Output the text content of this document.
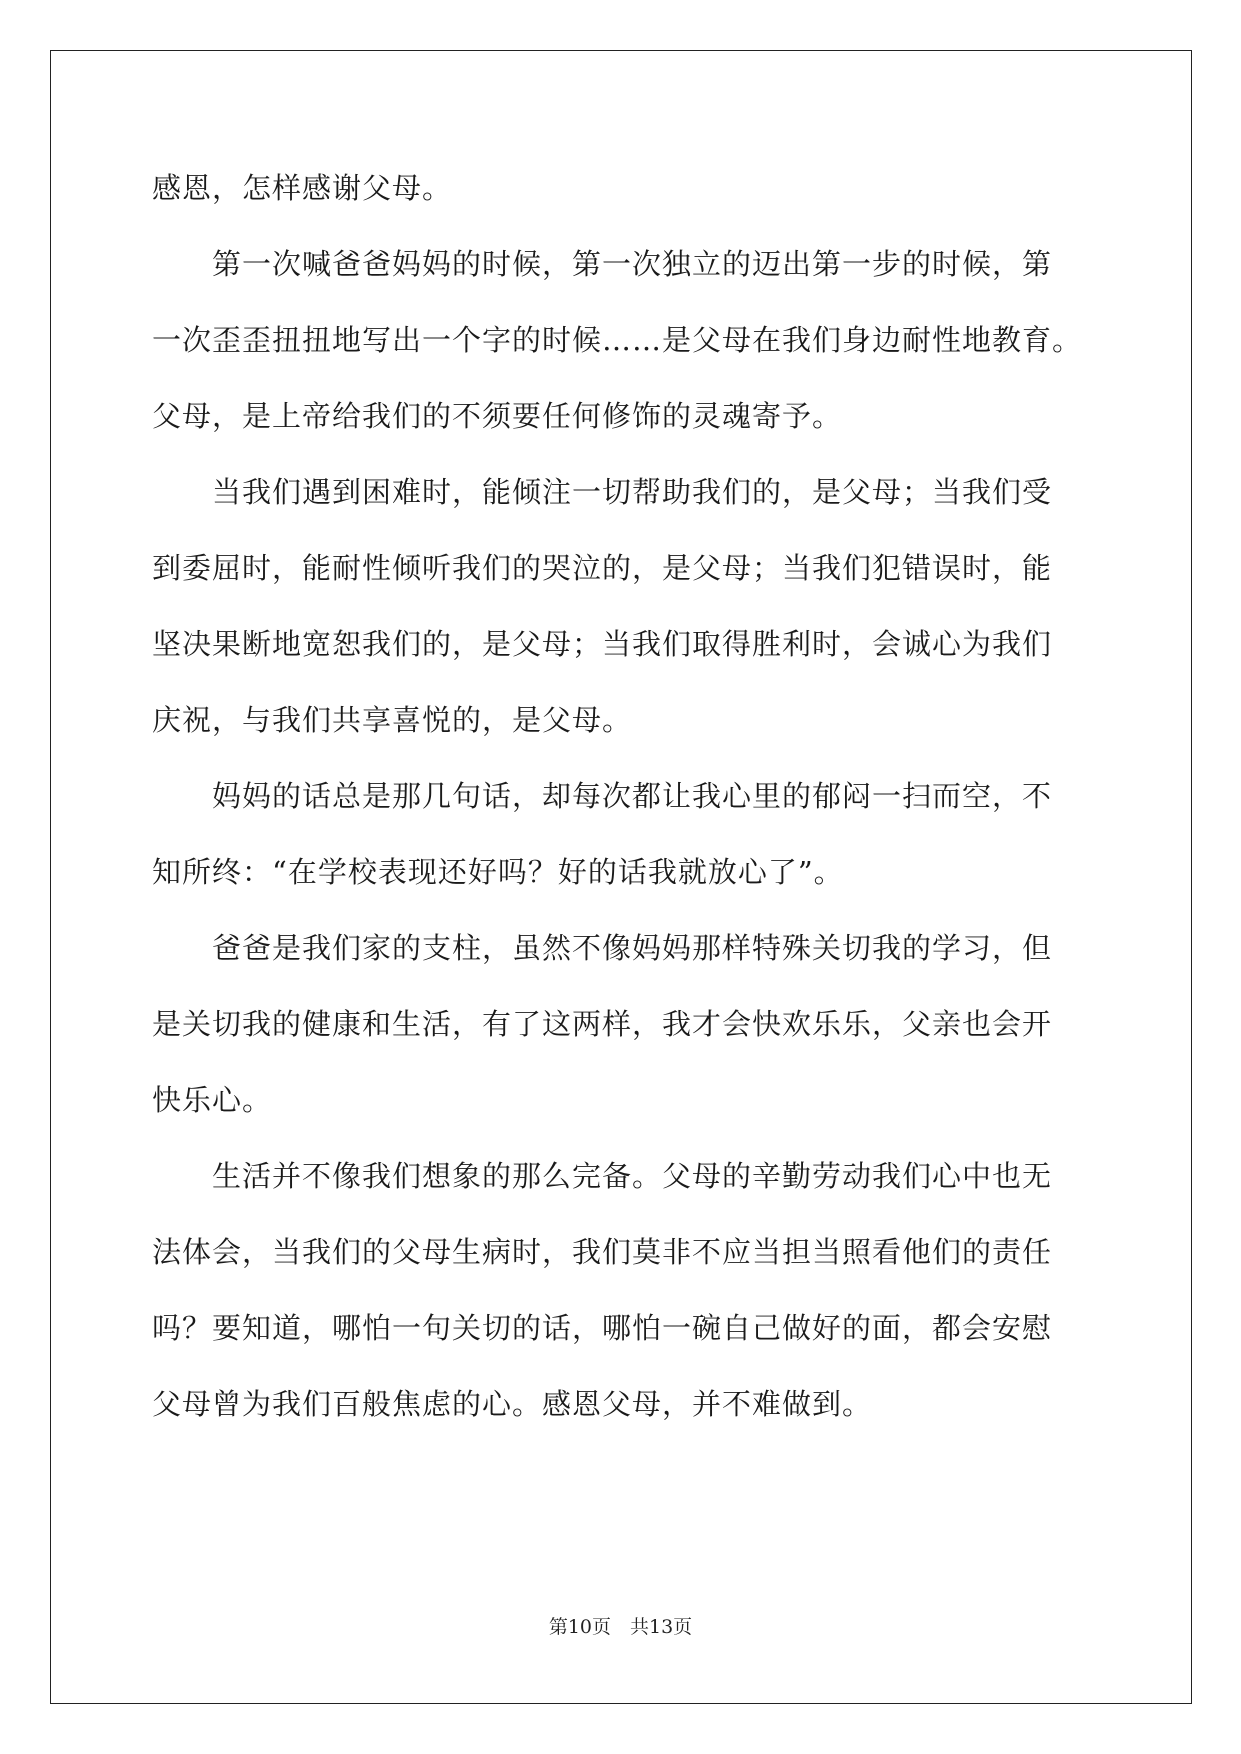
感恩，怎样感谢父母。
　　第一次喊爸爸妈妈的时候，第一次独立的迈出第一步的时候，第
一次歪歪扭扭地写出一个字的时候……是父母在我们身边耐性地教育。
父母，是上帝给我们的不须要任何修饰的灵魂寄予。
　　当我们遇到困难时，能倾注一切帮助我们的，是父母；当我们受
到委屈时，能耐性倾听我们的哭泣的，是父母；当我们犯错误时，能
坚决果断地宽恕我们的，是父母；当我们取得胜利时，会诚心为我们
庆祝，与我们共享喜悦的，是父母。
　　妈妈的话总是那几句话，却每次都让我心里的郁闷一扫而空，不
知所终：“在学校表现还好吗？好的话我就放心了”。
　　爸爸是我们家的支柱，虽然不像妈妈那样特殊关切我的学习，但
是关切我的健康和生活，有了这两样，我才会快欢乐乐，父亲也会开
快乐心。
　　生活并不像我们想象的那么完备。父母的辛勤劳动我们心中也无
法体会，当我们的父母生病时，我们莫非不应当担当照看他们的责任
吗？要知道，哪怕一句关切的话，哪怕一碗自己做好的面，都会安慰
父母曾为我们百般焦虑的心。感恩父母，并不难做到。
第10页　共13页
